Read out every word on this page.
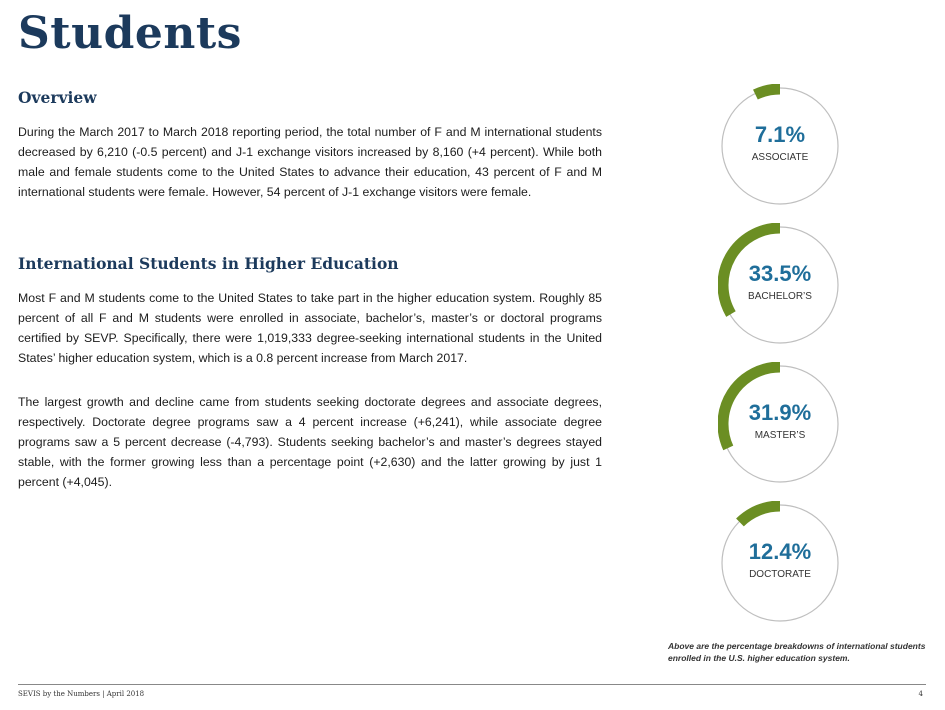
Students
Overview

During the March 2017 to March 2018 reporting period, the total number of F and M international students decreased by 6,210 (-0.5 percent) and J-1 exchange visitors increased by 8,160 (+4 percent). While both male and female students come to the United States to advance their education, 43 percent of F and M international students were female. However, 54 percent of J-1 exchange visitors were female.

International Students in Higher Education

Most F and M students come to the United States to take part in the higher education system. Roughly 85 percent of all F and M students were enrolled in associate, bachelor’s, master’s or doctoral programs certified by SEVP. Specifically, there were 1,019,333 degree-seeking international students in the United States’ higher education system, which is a 0.8 percent increase from March 2017.

The largest growth and decline came from students seeking doctorate degrees and associate degrees, respectively. Doctorate degree programs saw a 4 percent increase (+6,241), while associate degree programs saw a 5 percent decrease (-4,793). Students seeking bachelor’s and master’s degrees stayed stable, with the former growing less than a percentage point (+2,630) and the latter growing by just 1 percent (+4,045).

7.1%
ASSOCIATE
33.5%
BACHELOR’S
31.9%
MASTER’S
12.4%
DOCTORATE

Above are the percentage breakdowns of international students enrolled in the U.S. higher education system.

SEVIS by the Numbers | April 2018	4
